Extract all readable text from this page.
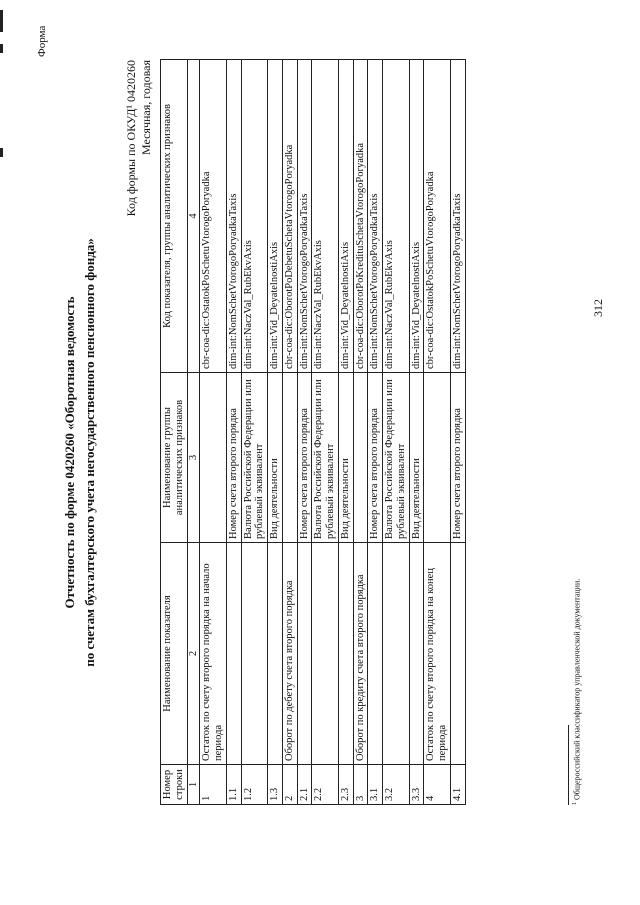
Форма
Отчетность по форме 0420260 «Оборотная ведомость по счетам бухгалтерского учета негосударственного пенсионного фонда»
Код формы по ОКУД¹ 0420260 Месячная, годовая
Номер строки	Наименование показателя	Наименование группы аналитических признаков	Код показателя, группы аналитических признаков
1	2	3	4
1	Остаток по счету второго порядка на начало периода		cbr-coa-dic:OstatokPoSchetuVtorogoPoryadka
1.1		Номер счета второго порядка	dim-int:NomSchetVtorogoPoryadkaTaxis
1.2		Валюта Российской Федерации или рублевый эквивалент	dim-int:NaczVal_RubEkvAxis
1.3		Вид деятельности	dim-int:Vid_DeyatelnostiAxis
2	Оборот по дебету счета второго порядка		cbr-coa-dic:OborotPoDebetuSchetaVtorogoPoryadka
2.1		Номер счета второго порядка	dim-int:NomSchetVtorogoPoryadkaTaxis
2.2		Валюта Российской Федерации или рублевый эквивалент	dim-int:NaczVal_RubEkvAxis
2.3		Вид деятельности	dim-int:Vid_DeyatelnostiAxis
3	Оборот по кредиту счета второго порядка		cbr-coa-dic:OborotPoKredituSchetaVtorogoPoryadka
3.1		Номер счета второго порядка	dim-int:NomSchetVtorogoPoryadkaTaxis
3.2		Валюта Российской Федерации или рублевый эквивалент	dim-int:NaczVal_RubEkvAxis
3.3		Вид деятельности	dim-int:Vid_DeyatelnostiAxis
4	Остаток по счету второго порядка на конец периода		cbr-coa-dic:OstatokPoSchetuVtorogoPoryadka
4.1		Номер счета второго порядка	dim-int:NomSchetVtorogoPoryadkaTaxis
$^1$ Общероссийский классификатор управленческой документации.
312
